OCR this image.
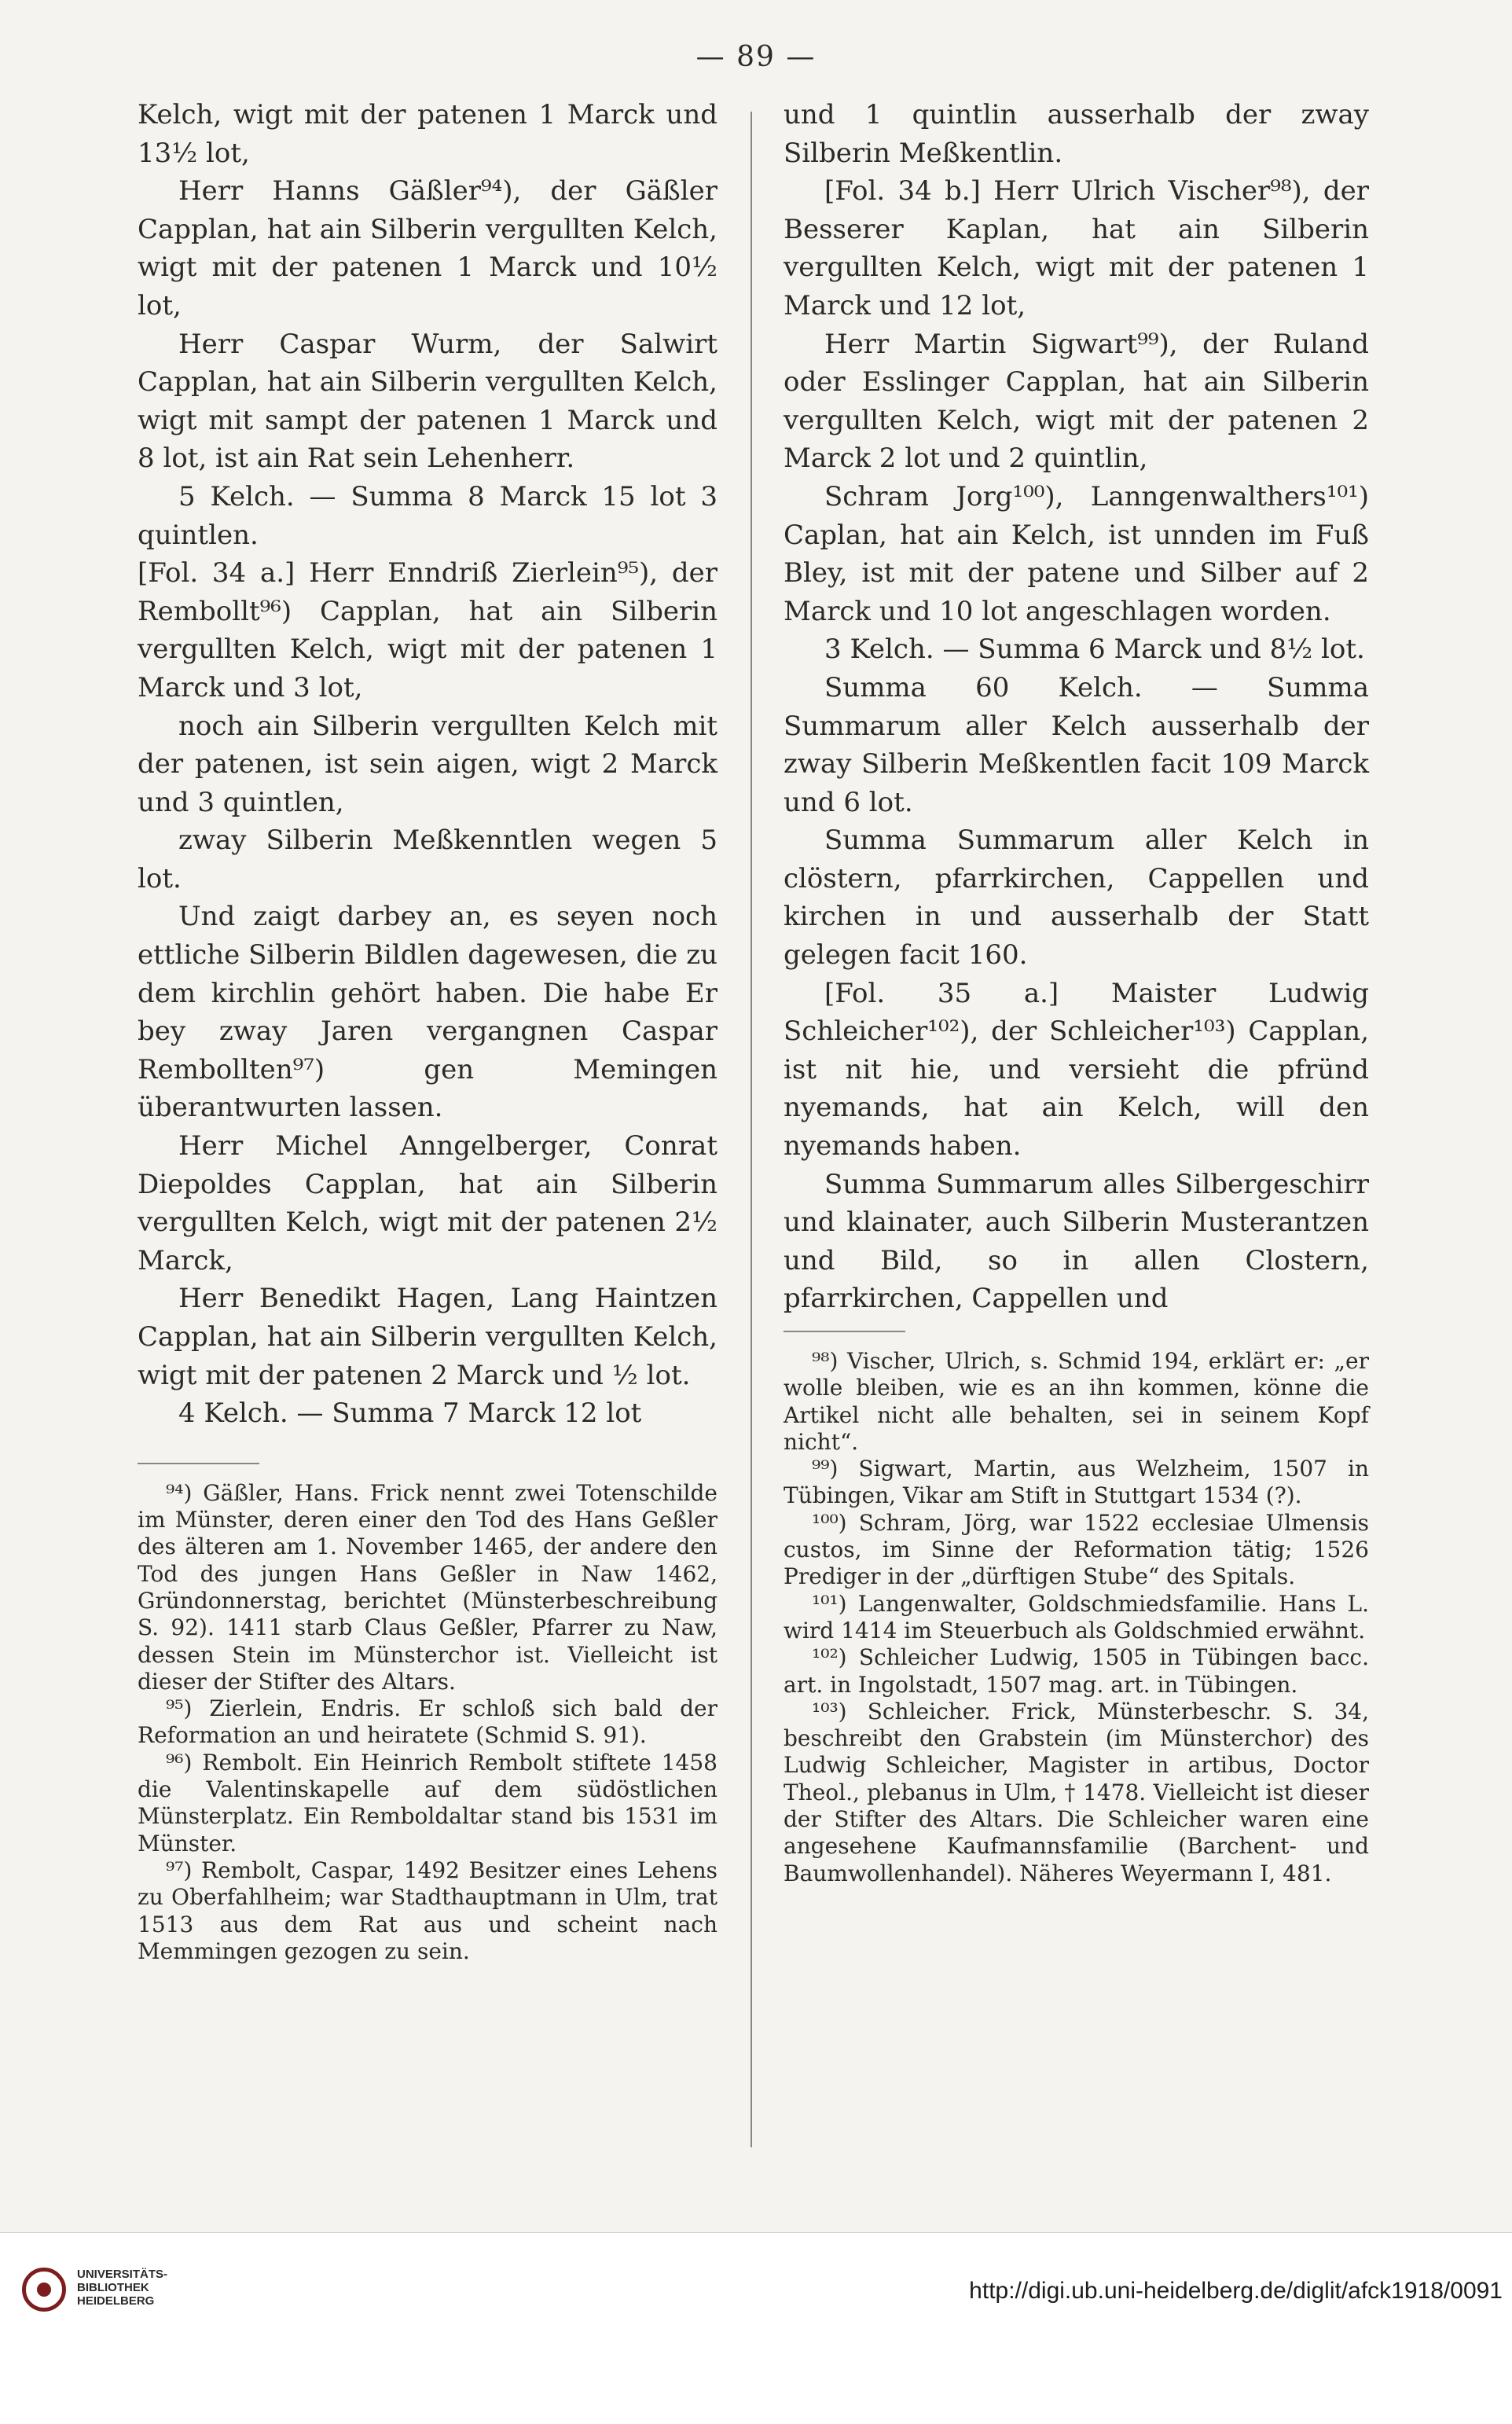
— 89 —

Kelch, wigt mit der patenen 1 Marck und 13½ lot,

Herr Hanns Gäßler⁹⁴), der Gäßler Capplan, hat ain Silberin vergullten Kelch, wigt mit der patenen 1 Marck und 10½ lot,

Herr Caspar Wurm, der Salwirt Capplan, hat ain Silberin vergullten Kelch, wigt mit sampt der patenen 1 Marck und 8 lot, ist ain Rat sein Lehenherr.

5 Kelch. — Summa 8 Marck 15 lot 3 quintlen.

[Fol. 34 a.] Herr Enndriß Zierlein⁹⁵), der Rembollt⁹⁶) Capplan, hat ain Silberin vergullten Kelch, wigt mit der patenen 1 Marck und 3 lot,

noch ain Silberin vergullten Kelch mit der patenen, ist sein aigen, wigt 2 Marck und 3 quintlen,

zway Silberin Meßkenntlen wegen 5 lot.

Und zaigt darbey an, es seyen noch ettliche Silberin Bildlen dagewesen, die zu dem kirchlin gehört haben. Die habe Er bey zway Jaren vergangnen Caspar Rembollten⁹⁷) gen Memingen überantwurten lassen.

Herr Michel Anngelberger, Conrat Diepoldes Capplan, hat ain Silberin vergullten Kelch, wigt mit der patenen 2½ Marck,

Herr Benedikt Hagen, Lang Haintzen Capplan, hat ain Silberin vergullten Kelch, wigt mit der patenen 2 Marck und ½ lot.

4 Kelch. — Summa 7 Marck 12 lot

⁹⁴) Gäßler, Hans. Frick nennt zwei Totenschilde im Münster, deren einer den Tod des Hans Geßler des älteren am 1. November 1465, der andere den Tod des jungen Hans Geßler in Naw 1462, Gründonnerstag, berichtet (Münsterbeschreibung S. 92). 1411 starb Claus Geßler, Pfarrer zu Naw, dessen Stein im Münsterchor ist. Vielleicht ist dieser der Stifter des Altars.

⁹⁵) Zierlein, Endris. Er schloß sich bald der Reformation an und heiratete (Schmid S. 91).

⁹⁶) Rembolt. Ein Heinrich Rembolt stiftete 1458 die Valentinskapelle auf dem südöstlichen Münsterplatz. Ein Remboldaltar stand bis 1531 im Münster.

⁹⁷) Rembolt, Caspar, 1492 Besitzer eines Lehens zu Oberfahlheim; war Stadthauptmann in Ulm, trat 1513 aus dem Rat aus und scheint nach Memmingen gezogen zu sein.

und 1 quintlin ausserhalb der zway Silberin Meßkentlin.

[Fol. 34 b.] Herr Ulrich Vischer⁹⁸), der Besserer Kaplan, hat ain Silberin vergullten Kelch, wigt mit der patenen 1 Marck und 12 lot,

Herr Martin Sigwart⁹⁹), der Ruland oder Esslinger Capplan, hat ain Silberin vergullten Kelch, wigt mit der patenen 2 Marck 2 lot und 2 quintlin,

Schram Jorg¹⁰⁰), Lanngenwalthers¹⁰¹) Caplan, hat ain Kelch, ist unnden im Fuß Bley, ist mit der patene und Silber auf 2 Marck und 10 lot angeschlagen worden.

3 Kelch. — Summa 6 Marck und 8½ lot.

Summa 60 Kelch. — Summa Summarum aller Kelch ausserhalb der zway Silberin Meßkentlen facit 109 Marck und 6 lot.

Summa Summarum aller Kelch in clöstern, pfarrkirchen, Cappellen und kirchen in und ausserhalb der Statt gelegen facit 160.

[Fol. 35 a.] Maister Ludwig Schleicher¹⁰²), der Schleicher¹⁰³) Capplan, ist nit hie, und versieht die pfründ nyemands, hat ain Kelch, will den nyemands haben.

Summa Summarum alles Silbergeschirr und klainater, auch Silberin Musterantzen und Bild, so in allen Clostern, pfarrkirchen, Cappellen und

⁹⁸) Vischer, Ulrich, s. Schmid 194, erklärt er: „er wolle bleiben, wie es an ihn kommen, könne die Artikel nicht alle behalten, sei in seinem Kopf nicht“.

⁹⁹) Sigwart, Martin, aus Welzheim, 1507 in Tübingen, Vikar am Stift in Stuttgart 1534 (?).

¹⁰⁰) Schram, Jörg, war 1522 ecclesiae Ulmensis custos, im Sinne der Reformation tätig; 1526 Prediger in der „dürftigen Stube“ des Spitals.

¹⁰¹) Langenwalter, Goldschmiedsfamilie. Hans L. wird 1414 im Steuerbuch als Goldschmied erwähnt.

¹⁰²) Schleicher Ludwig, 1505 in Tübingen bacc. art. in Ingolstadt, 1507 mag. art. in Tübingen.

¹⁰³) Schleicher. Frick, Münsterbeschr. S. 34, beschreibt den Grabstein (im Münsterchor) des Ludwig Schleicher, Magister in artibus, Doctor Theol., plebanus in Ulm, † 1478. Vielleicht ist dieser der Stifter des Altars. Die Schleicher waren eine angesehene Kaufmannsfamilie (Barchent- und Baumwollenhandel). Näheres Weyermann I, 481.

UNIVERSITÄTS-
BIBLIOTHEK
HEIDELBERG	http://digi.ub.uni-heidelberg.de/diglit/afck1918/0091
